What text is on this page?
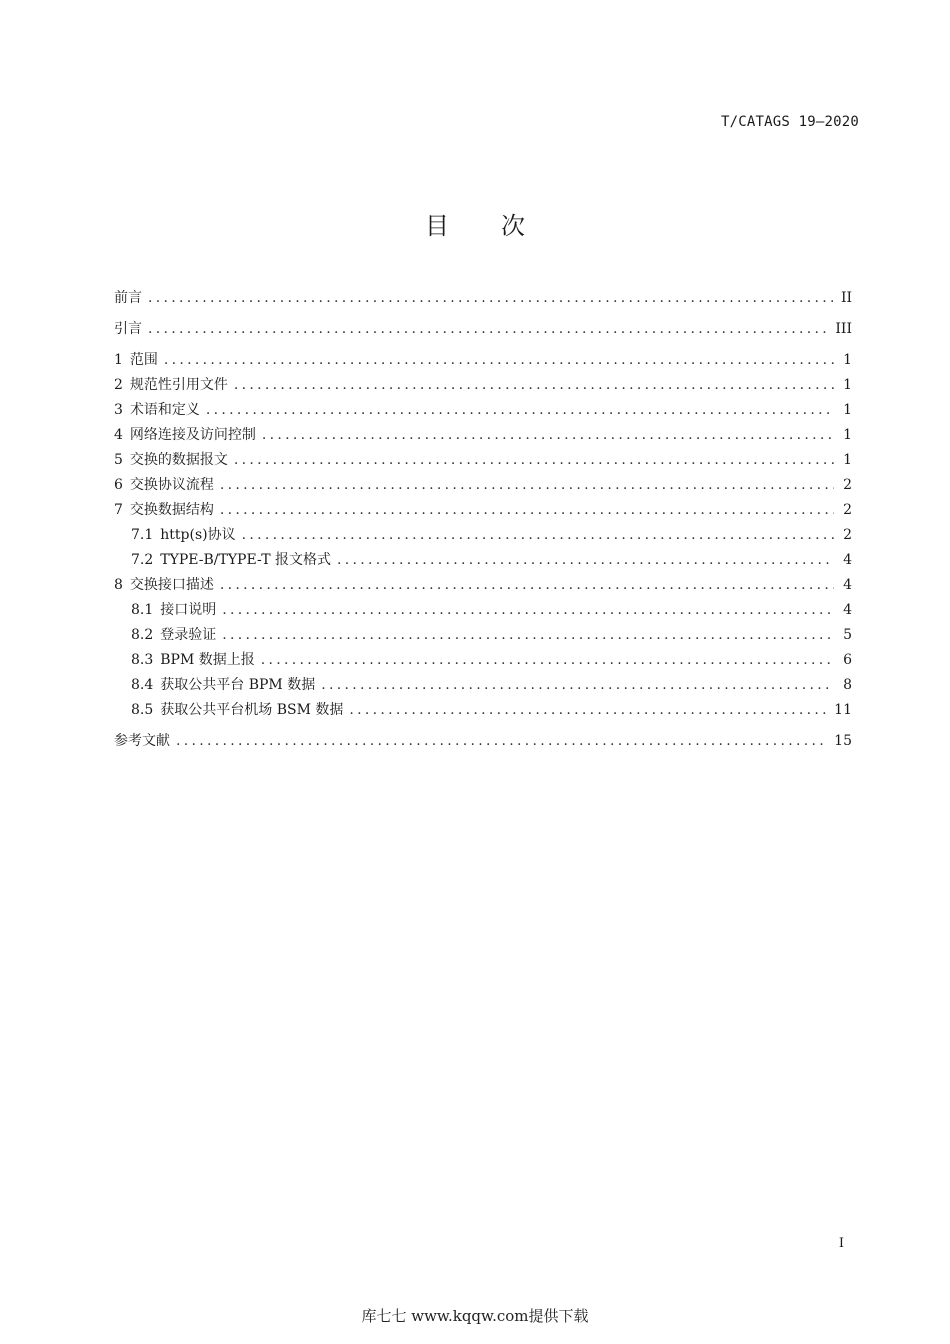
T/CATAGS 19—2020
目次
前言 .....	II
引言 .....	III
1 范围 .....	1
2 规范性引用文件 .....	1
3 术语和定义 .....	1
4 网络连接及访问控制 .....	1
5 交换的数据报文 .....	1
6 交换协议流程 .....	2
7 交换数据结构 .....	2
7.1 http(s)协议 .....	2
7.2 TYPE-B/TYPE-T 报文格式 .....	4
8 交换接口描述 .....	4
8.1 接口说明 .....	4
8.2 登录验证 .....	5
8.3 BPM 数据上报 .....	6
8.4 获取公共平台 BPM 数据 .....	8
8.5 获取公共平台机场 BSM 数据 .....	11
参考文献 .....	15
I
库七七 www.kqqw.com提供下载
